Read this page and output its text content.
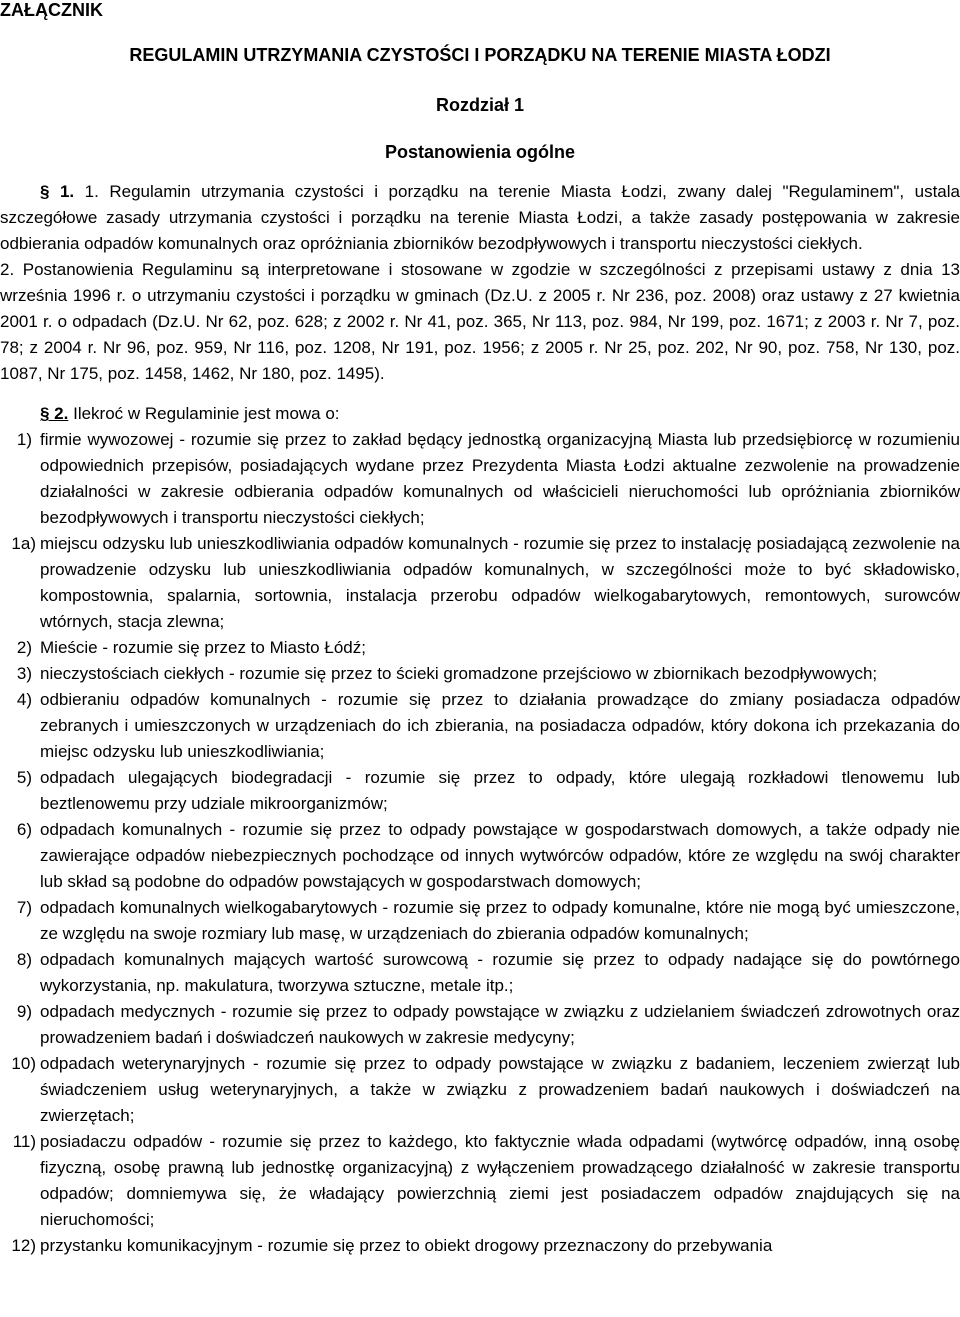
ZAŁĄCZNIK

REGULAMIN UTRZYMANIA CZYSTOŚCI I PORZĄDKU NA TERENIE MIASTA ŁODZI

Rozdział 1

Postanowienia ogólne

§ 1. 1. Regulamin utrzymania czystości i porządku na terenie Miasta Łodzi, zwany dalej "Regulaminem", ustala szczegółowe zasady utrzymania czystości i porządku na terenie Miasta Łodzi, a także zasady postępowania w zakresie odbierania odpadów komunalnych oraz opróżniania zbiorników bezodpływowych i transportu nieczystości ciekłych.

2. Postanowienia Regulaminu są interpretowane i stosowane w zgodzie w szczególności z przepisami ustawy z dnia 13 września 1996 r. o utrzymaniu czystości i porządku w gminach (Dz.U. z 2005 r. Nr 236, poz. 2008) oraz ustawy z 27 kwietnia 2001 r. o odpadach (Dz.U. Nr 62, poz. 628; z 2002 r. Nr 41, poz. 365, Nr 113, poz. 984, Nr 199, poz. 1671; z 2003 r. Nr 7, poz. 78; z 2004 r. Nr 96, poz. 959, Nr 116, poz. 1208, Nr 191, poz. 1956; z 2005 r. Nr 25, poz. 202, Nr 90, poz. 758, Nr 130, poz. 1087, Nr 175, poz. 1458, 1462, Nr 180, poz. 1495).

§ 2. Ilekroć w Regulaminie jest mowa o:

1) firmie wywozowej - rozumie się przez to zakład będący jednostką organizacyjną Miasta lub przedsiębiorcę w rozumieniu odpowiednich przepisów, posiadających wydane przez Prezydenta Miasta Łodzi aktualne zezwolenie na prowadzenie działalności w zakresie odbierania odpadów komunalnych od właścicieli nieruchomości lub opróżniania zbiorników bezodpływowych i transportu nieczystości ciekłych;
1a) miejscu odzysku lub unieszkodliwiania odpadów komunalnych - rozumie się przez to instalację posiadającą zezwolenie na prowadzenie odzysku lub unieszkodliwiania odpadów komunalnych, w szczególności może to być składowisko, kompostownia, spalarnia, sortownia, instalacja przerobu odpadów wielkogabarytowych, remontowych, surowców wtórnych, stacja zlewna;
2) Mieście - rozumie się przez to Miasto Łódź;
3) nieczystościach ciekłych - rozumie się przez to ścieki gromadzone przejściowo w zbiornikach bezodpływowych;
4) odbieraniu odpadów komunalnych - rozumie się przez to działania prowadzące do zmiany posiadacza odpadów zebranych i umieszczonych w urządzeniach do ich zbierania, na posiadacza odpadów, który dokona ich przekazania do miejsc odzysku lub unieszkodliwiania;
5) odpadach ulegających biodegradacji - rozumie się przez to odpady, które ulegają rozkładowi tlenowemu lub beztlenowemu przy udziale mikroorganizmów;
6) odpadach komunalnych - rozumie się przez to odpady powstające w gospodarstwach domowych, a także odpady nie zawierające odpadów niebezpiecznych pochodzące od innych wytwórców odpadów, które ze względu na swój charakter lub skład są podobne do odpadów powstających w gospodarstwach domowych;
7) odpadach komunalnych wielkogabarytowych - rozumie się przez to odpady komunalne, które nie mogą być umieszczone, ze względu na swoje rozmiary lub masę, w urządzeniach do zbierania odpadów komunalnych;
8) odpadach komunalnych mających wartość surowcową - rozumie się przez to odpady nadające się do powtórnego wykorzystania, np. makulatura, tworzywa sztuczne, metale itp.;
9) odpadach medycznych - rozumie się przez to odpady powstające w związku z udzielaniem świadczeń zdrowotnych oraz prowadzeniem badań i doświadczeń naukowych w zakresie medycyny;
10) odpadach weterynaryjnych - rozumie się przez to odpady powstające w związku z badaniem, leczeniem zwierząt lub świadczeniem usług weterynaryjnych, a także w związku z prowadzeniem badań naukowych i doświadczeń na zwierzętach;
11) posiadaczu odpadów - rozumie się przez to każdego, kto faktycznie włada odpadami (wytwórcę odpadów, inną osobę fizyczną, osobę prawną lub jednostkę organizacyjną) z wyłączeniem prowadzącego działalność w zakresie transportu odpadów; domniemywa się, że władający powierzchnią ziemi jest posiadaczem odpadów znajdujących się na nieruchomości;
12) przystanku komunikacyjnym - rozumie się przez to obiekt drogowy przeznaczony do przebywania
